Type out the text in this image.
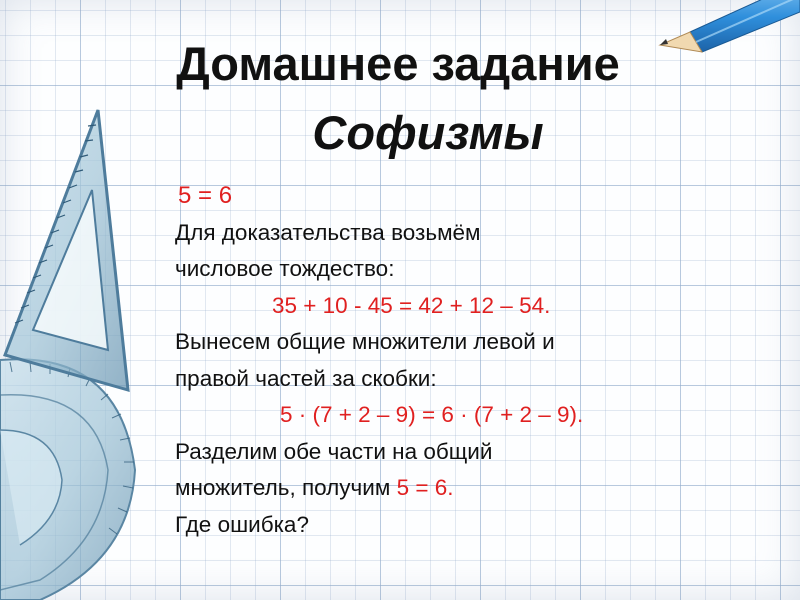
Домашнее задание
Софизмы
5 = 6
Для доказательства возьмём
числовое тождество:
35 + 10 - 45 = 42 + 12 – 54.
Вынесем общие множители левой и
правой частей за скобки:
5 · (7 + 2 – 9) = 6 · (7 + 2 – 9).
Разделим обе части на общий
множитель, получим 5 = 6.
Где ошибка?
